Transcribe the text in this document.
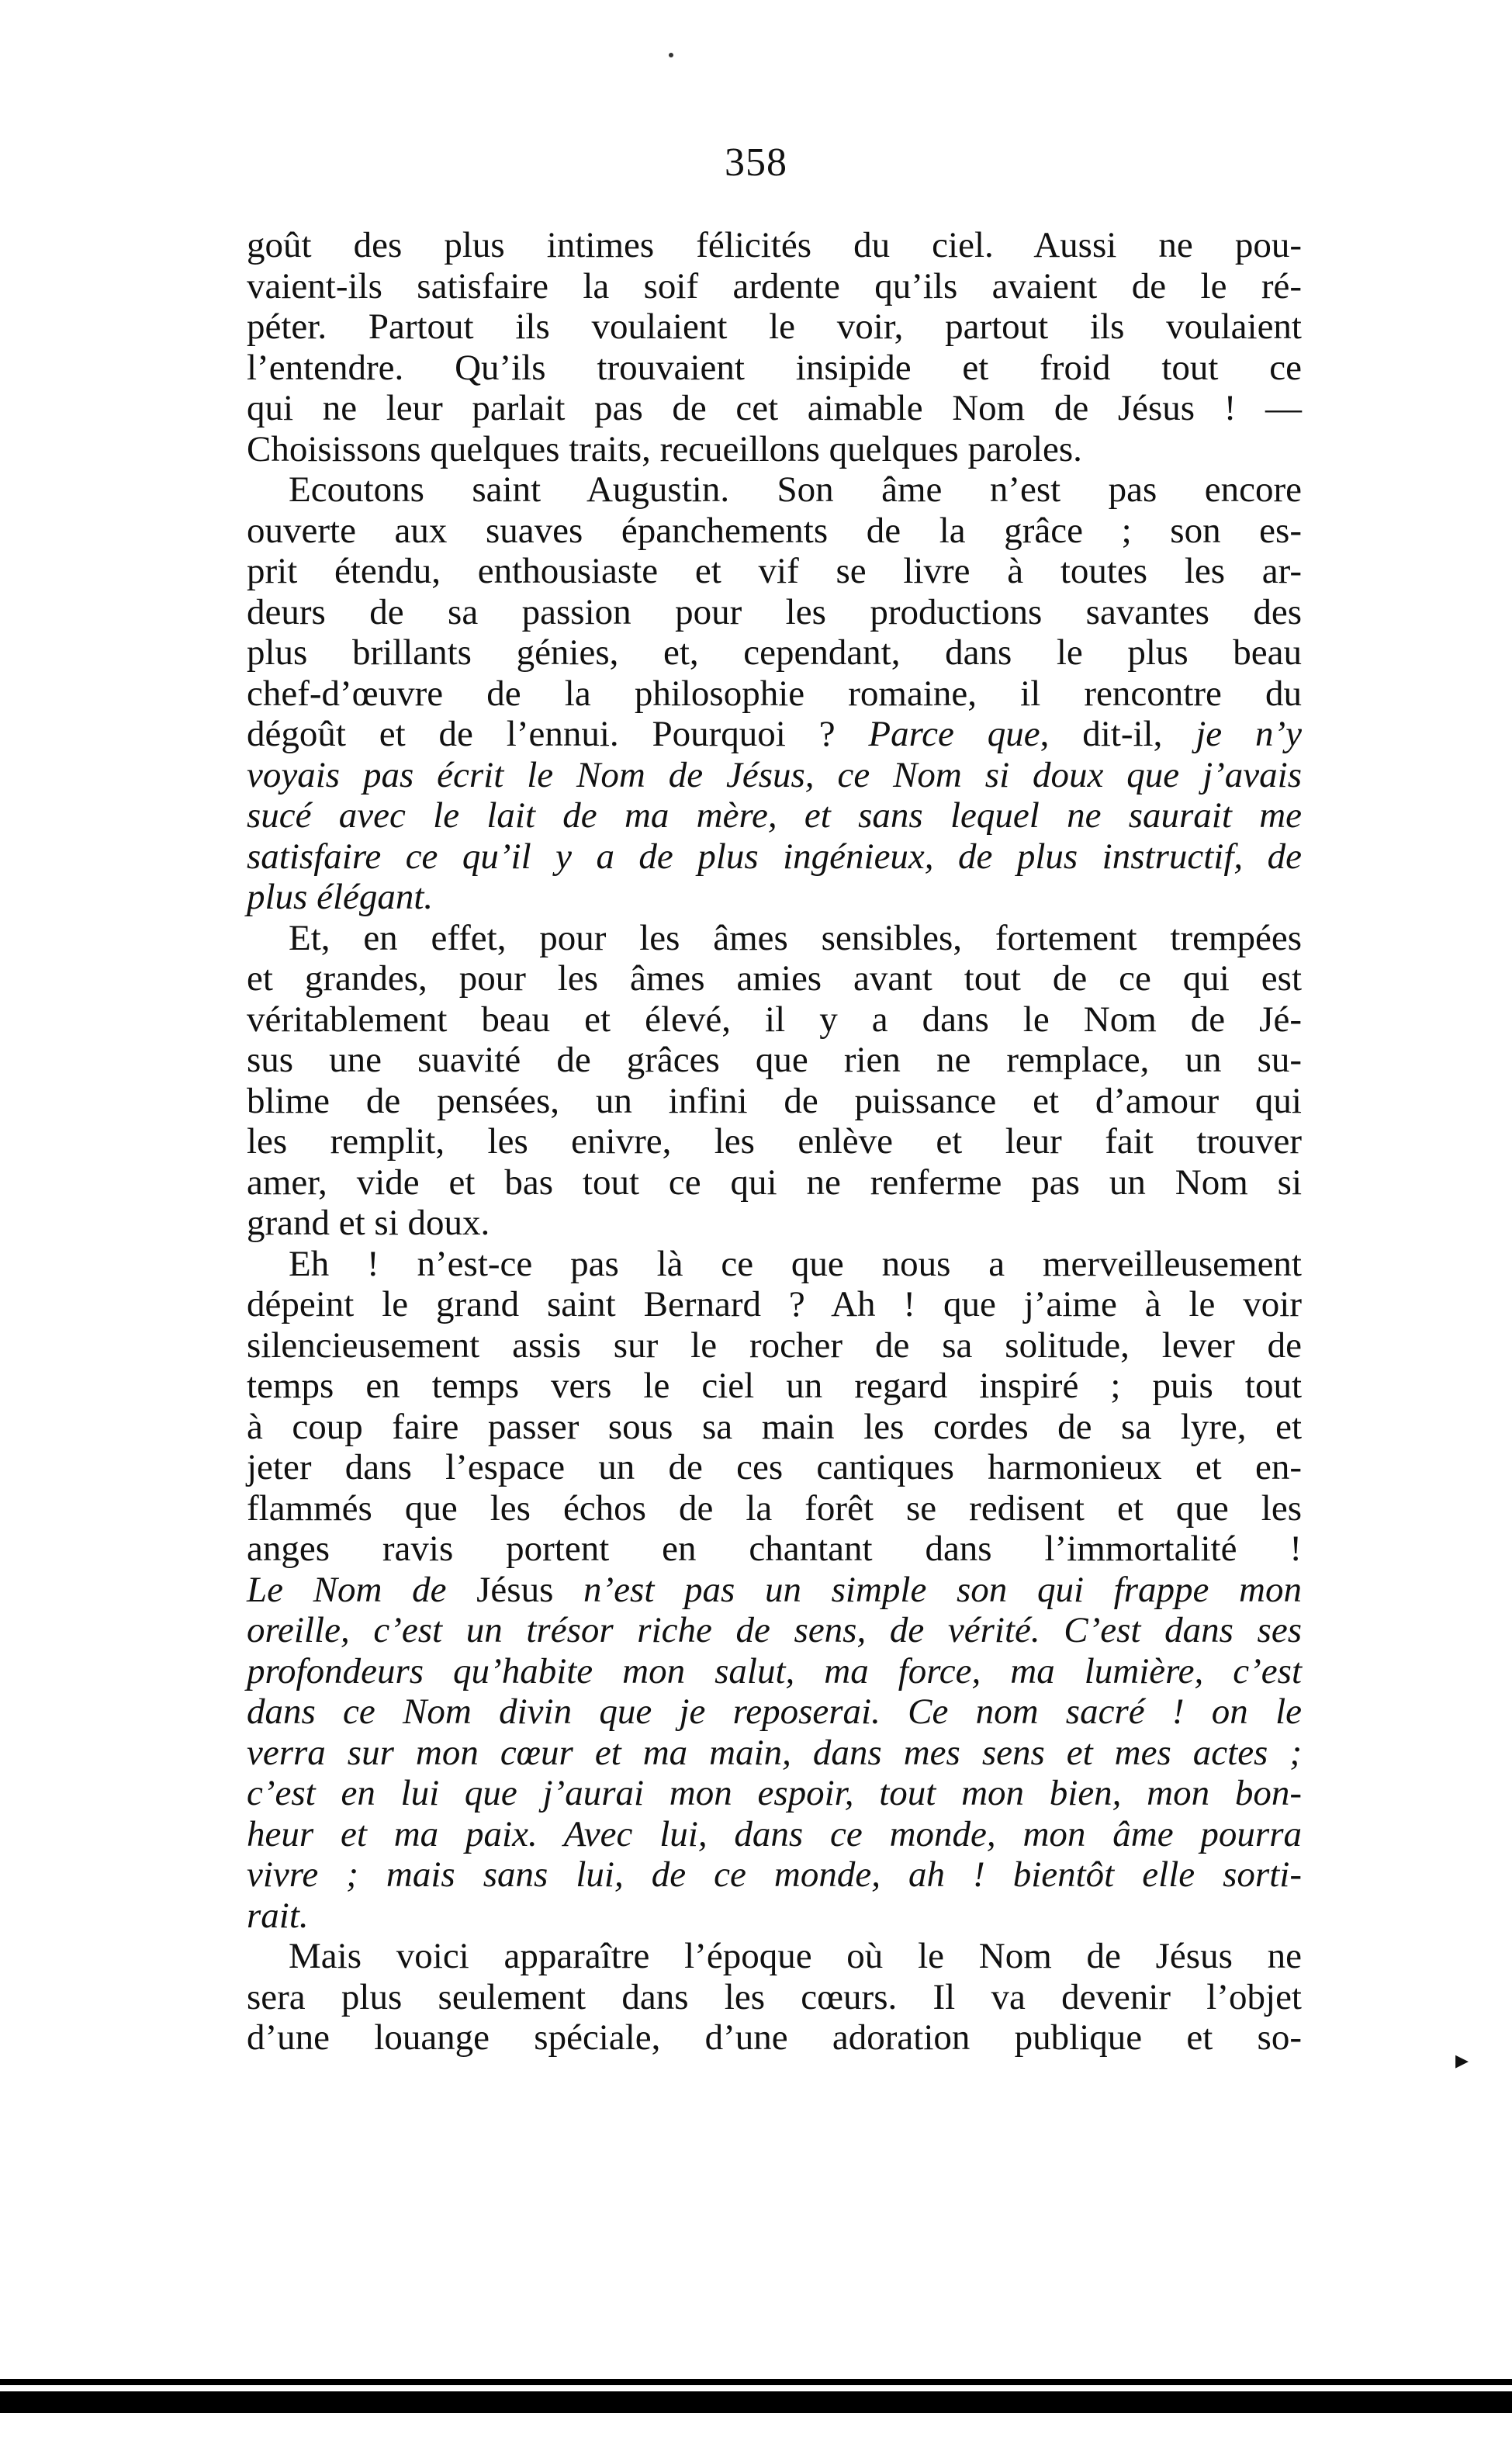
358
goût des plus intimes félicités du ciel. Aussi ne pou-
vaient-ils satisfaire la soif ardente qu’ils avaient de le ré-
péter. Partout ils voulaient le voir, partout ils voulaient
l’entendre. Qu’ils trouvaient insipide et froid tout ce
qui ne leur parlait pas de cet aimable Nom de Jésus ! —
Choisissons quelques traits, recueillons quelques paroles.
Ecoutons saint Augustin. Son âme n’est pas encore
ouverte aux suaves épanchements de la grâce ; son es-
prit étendu, enthousiaste et vif se livre à toutes les ar-
deurs de sa passion pour les productions savantes des
plus brillants génies, et, cependant, dans le plus beau
chef-d’œuvre de la philosophie romaine, il rencontre du
dégoût et de l’ennui. Pourquoi ? Parce que, dit-il, je n’y
voyais pas écrit le Nom de Jésus, ce Nom si doux que j’avais
sucé avec le lait de ma mère, et sans lequel ne saurait me
satisfaire ce qu’il y a de plus ingénieux, de plus instructif, de
plus élégant.
Et, en effet, pour les âmes sensibles, fortement trempées
et grandes, pour les âmes amies avant tout de ce qui est
véritablement beau et élevé, il y a dans le Nom de Jé-
sus une suavité de grâces que rien ne remplace, un su-
blime de pensées, un infini de puissance et d’amour qui
les remplit, les enivre, les enlève et leur fait trouver
amer, vide et bas tout ce qui ne renferme pas un Nom si
grand et si doux.
Eh ! n’est-ce pas là ce que nous a merveilleusement
dépeint le grand saint Bernard ? Ah ! que j’aime à le voir
silencieusement assis sur le rocher de sa solitude, lever de
temps en temps vers le ciel un regard inspiré ; puis tout
à coup faire passer sous sa main les cordes de sa lyre, et
jeter dans l’espace un de ces cantiques harmonieux et en-
flammés que les échos de la forêt se redisent et que les
anges ravis portent en chantant dans l’immortalité !
Le Nom de Jésus n’est pas un simple son qui frappe mon
oreille, c’est un trésor riche de sens, de vérité. C’est dans ses
profondeurs qu’habite mon salut, ma force, ma lumière, c’est
dans ce Nom divin que je reposerai. Ce nom sacré ! on le
verra sur mon cœur et ma main, dans mes sens et mes actes ;
c’est en lui que j’aurai mon espoir, tout mon bien, mon bon-
heur et ma paix. Avec lui, dans ce monde, mon âme pourra
vivre ; mais sans lui, de ce monde, ah ! bientôt elle sorti-
rait.
Mais voici apparaître l’époque où le Nom de Jésus ne
sera plus seulement dans les cœurs. Il va devenir l’objet
d’une louange spéciale, d’une adoration publique et so-
▸
